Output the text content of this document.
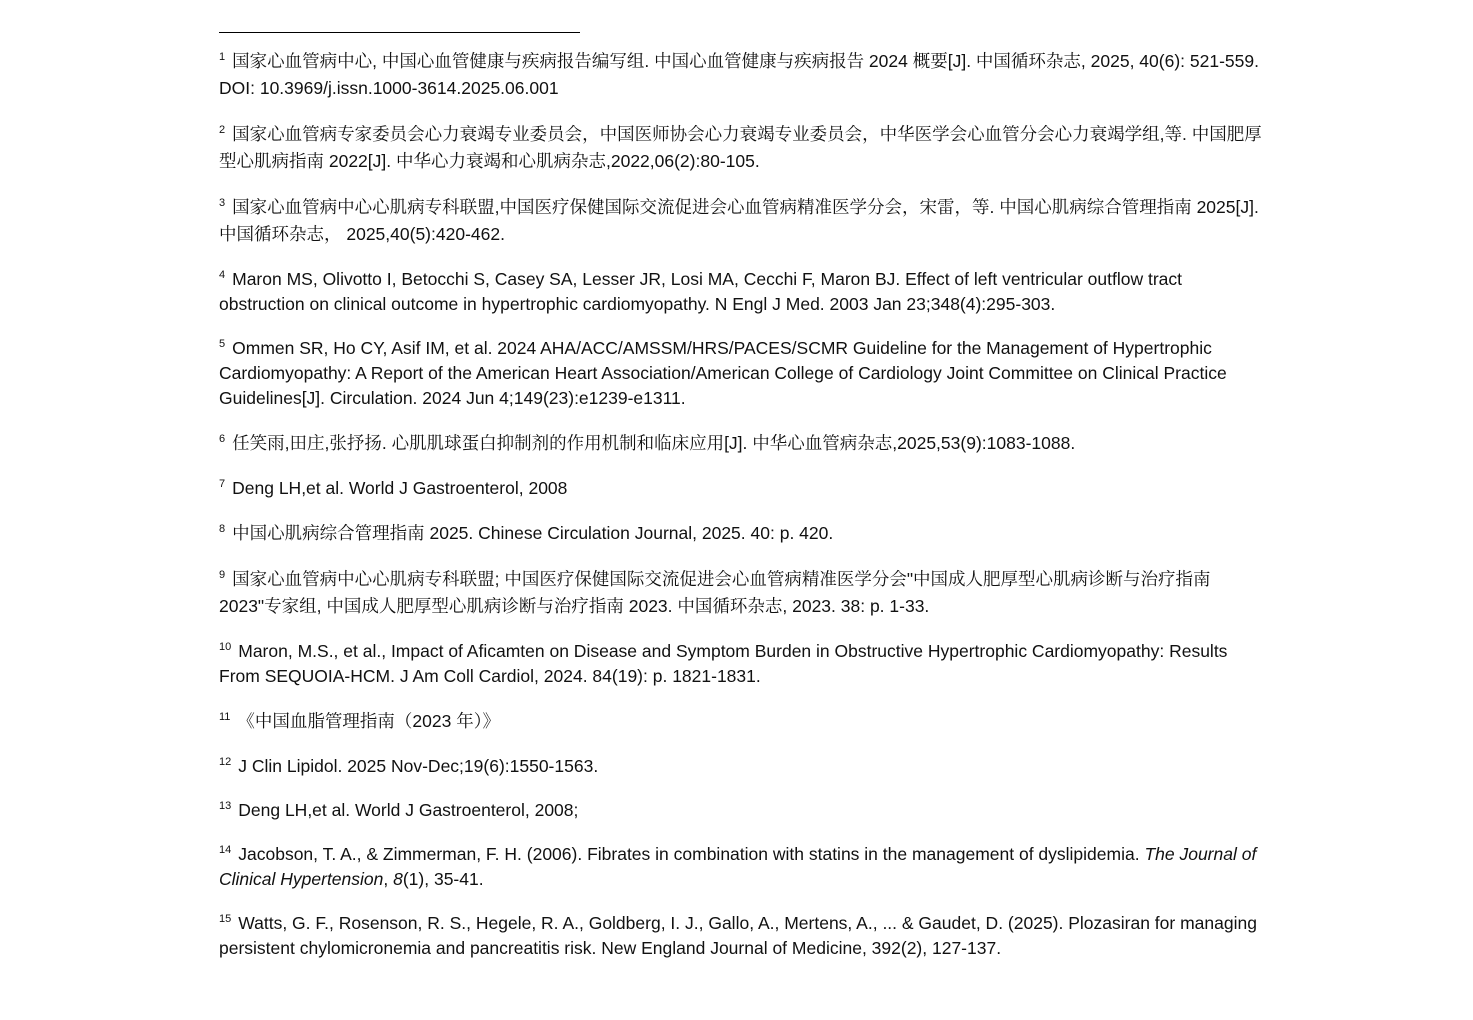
$^1$ 国家心血管病中心, 中国心血管健康与疾病报告编写组. 中国心血管健康与疾病报告 2024 概要[J]. 中国循环杂志, 2025, 40(6): 521-559. DOI: 10.3969/j.issn.1000-3614.2025.06.001

$^2$ 国家心血管病专家委员会心力衰竭专业委员会，中国医师协会心力衰竭专业委员会，中华医学会心血管分会心力衰竭学组,等. 中国肥厚型心肌病指南 2022[J]. 中华心力衰竭和心肌病杂志,2022,06(2):80-105.

$^3$ 国家心血管病中心心肌病专科联盟,中国医疗保健国际交流促进会心血管病精准医学分会，宋雷，等. 中国心肌病综合管理指南 2025[J]. 中国循环杂志， 2025,40(5):420-462.

$^4$ Maron MS, Olivotto I, Betocchi S, Casey SA, Lesser JR, Losi MA, Cecchi F, Maron BJ. Effect of left ventricular outflow tract obstruction on clinical outcome in hypertrophic cardiomyopathy. N Engl J Med. 2003 Jan 23;348(4):295-303.

$^5$ Ommen SR, Ho CY, Asif IM, et al. 2024 AHA/ACC/AMSSM/HRS/PACES/SCMR Guideline for the Management of Hypertrophic Cardiomyopathy: A Report of the American Heart Association/American College of Cardiology Joint Committee on Clinical Practice Guidelines[J]. Circulation. 2024 Jun 4;149(23):e1239-e1311.

$^6$ 任笑雨,田庄,张抒扬. 心肌肌球蛋白抑制剂的作用机制和临床应用[J]. 中华心血管病杂志,2025,53(9):1083-1088.

$^7$ Deng LH,et al. World J Gastroenterol, 2008

$^8$ 中国心肌病综合管理指南 2025. Chinese Circulation Journal, 2025. 40: p. 420.

$^9$ 国家心血管病中心心肌病专科联盟; 中国医疗保健国际交流促进会心血管病精准医学分会"中国成人肥厚型心肌病诊断与治疗指南 2023"专家组, 中国成人肥厚型心肌病诊断与治疗指南 2023. 中国循环杂志, 2023. 38: p. 1-33.

$^{10}$ Maron, M.S., et al., Impact of Aficamten on Disease and Symptom Burden in Obstructive Hypertrophic Cardiomyopathy: Results From SEQUOIA-HCM. J Am Coll Cardiol, 2024. 84(19): p. 1821-1831.

$^{11}$ 《中国血脂管理指南（2023 年）》

$^{12}$ J Clin Lipidol. 2025 Nov-Dec;19(6):1550-1563.

$^{13}$ Deng LH,et al. World J Gastroenterol, 2008;

$^{14}$ Jacobson, T. A., & Zimmerman, F. H. (2006). Fibrates in combination with statins in the management of dyslipidemia. The Journal of Clinical Hypertension, 8(1), 35-41.

$^{15}$ Watts, G. F., Rosenson, R. S., Hegele, R. A., Goldberg, I. J., Gallo, A., Mertens, A., ... & Gaudet, D. (2025). Plozasiran for managing persistent chylomicronemia and pancreatitis risk. New England Journal of Medicine, 392(2), 127-137.
